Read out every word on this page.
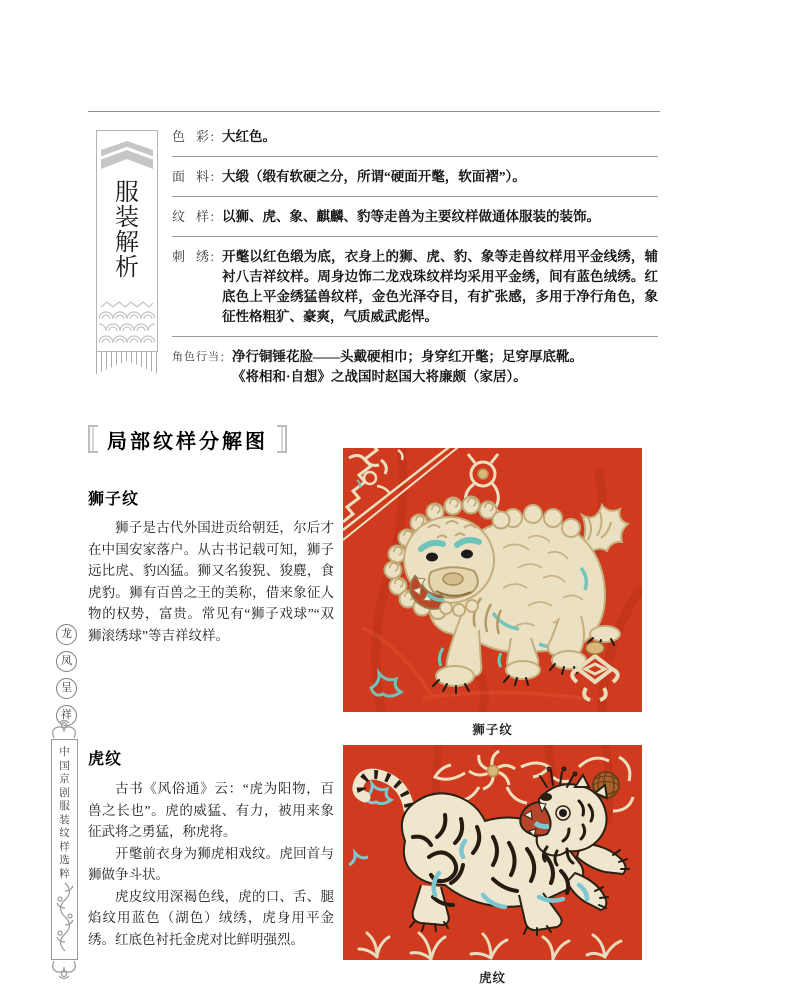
服
装
解
析
色彩 ： 大红色。
面料 ： 大缎（缎有软硬之分，所谓“硬面开氅，软面褶”）。
纹样 ： 以狮、虎、象、麒麟、豹等走兽为主要纹样做通体服装的装饰。
刺绣 ： 开氅以红色缎为底，衣身上的狮、虎、豹、象等走兽纹样用平金线绣，辅衬八吉祥纹样。周身边饰二龙戏珠纹样均采用平金绣，间有蓝色绒绣。红底色上平金绣猛兽纹样，金色光泽夺目，有扩张感，多用于净行角色，象征性格粗犷、豪爽，气质威武彪悍。
角色行当 ： 净行铜锤花脸——头戴硬相巾；身穿红开氅；足穿厚底靴。
《将相和·自想》之战国时赵国大将廉颇（家居）。
局部纹样分解图
狮子纹

狮子是古代外国进贡给朝廷，尔后才在中国安家落户。从古书记载可知，狮子远比虎、豹凶猛。狮又名狻猊、狻麑，食虎豹。狮有百兽之王的美称，借来象征人物的权势，富贵。常见有“狮子戏球”“双狮滚绣球”等吉祥纹样。

狮子纹
虎纹

古书《风俗通》云：“虎为阳物，百兽之长也”。虎的威猛、有力，被用来象征武将之勇猛，称虎将。

开氅前衣身为狮虎相戏纹。虎回首与狮做争斗状。

虎皮纹用深褐色线，虎的口、舌、腿焰纹用蓝色（湖色）绒绣，虎身用平金绣。红底色衬托金虎对比鲜明强烈。

虎纹
龙
凤
呈
祥
中
国
京
剧
服
装
纹
样
选
粹
